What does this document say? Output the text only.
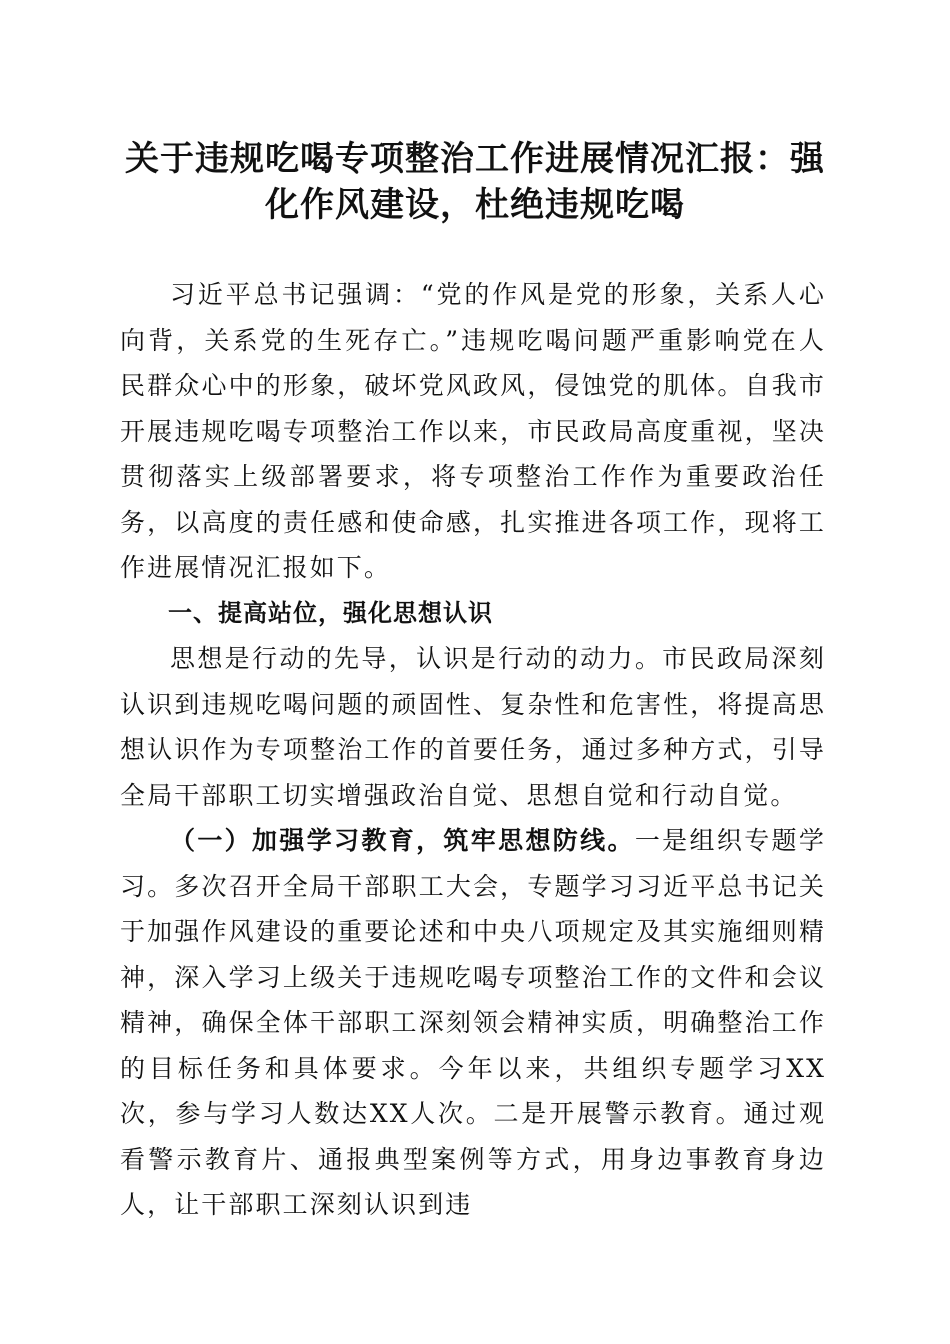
关于违规吃喝专项整治工作进展情况汇报：强化作风建设，杜绝违规吃喝

习近平总书记强调：“党的作风是党的形象，关系人心向背，关系党的生死存亡。”违规吃喝问题严重影响党在人民群众心中的形象，破坏党风政风，侵蚀党的肌体。自我市开展违规吃喝专项整治工作以来，市民政局高度重视，坚决贯彻落实上级部署要求，将专项整治工作作为重要政治任务，以高度的责任感和使命感，扎实推进各项工作，现将工作进展情况汇报如下。

一、提高站位，强化思想认识

思想是行动的先导，认识是行动的动力。市民政局深刻认识到违规吃喝问题的顽固性、复杂性和危害性，将提高思想认识作为专项整治工作的首要任务，通过多种方式，引导全局干部职工切实增强政治自觉、思想自觉和行动自觉。

（一）加强学习教育，筑牢思想防线。一是组织专题学习。多次召开全局干部职工大会，专题学习习近平总书记关于加强作风建设的重要论述和中央八项规定及其实施细则精神，深入学习上级关于违规吃喝专项整治工作的文件和会议精神，确保全体干部职工深刻领会精神实质，明确整治工作的目标任务和具体要求。今年以来，共组织专题学习XX次，参与学习人数达XX人次。二是开展警示教育。通过观看警示教育片、通报典型案例等方式，用身边事教育身边人，让干部职工深刻认识到违
